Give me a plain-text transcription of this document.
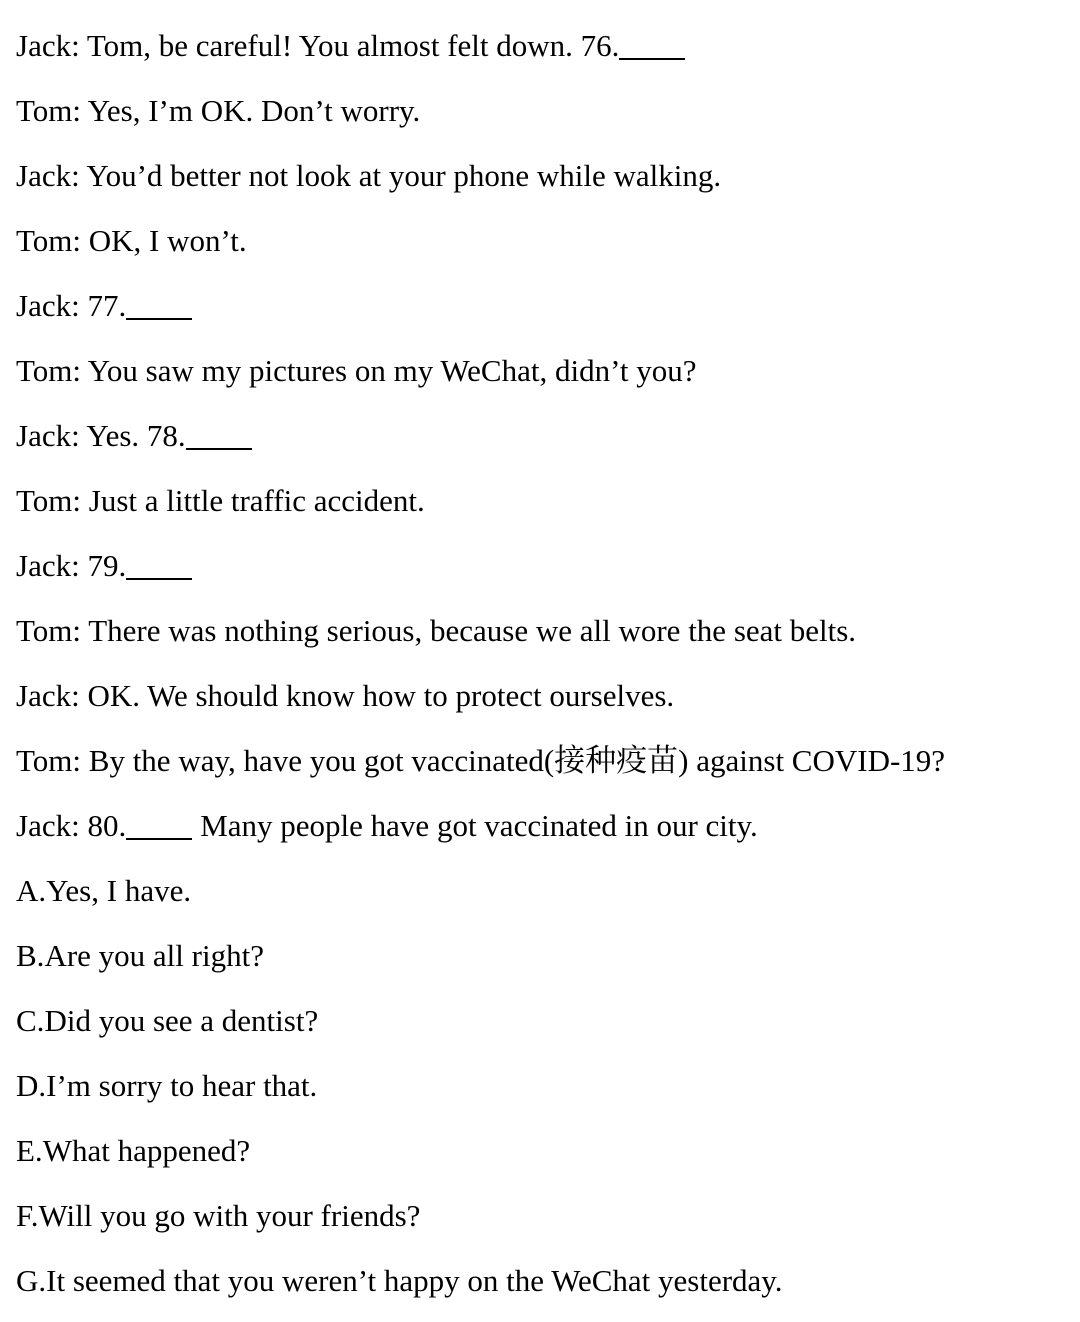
Jack: Tom, be careful! You almost felt down. 76.
Tom: Yes, I’m OK. Don’t worry.
Jack: You’d better not look at your phone while walking.
Tom: OK, I won’t.
Jack: 77.
Tom: You saw my pictures on my WeChat, didn’t you?
Jack: Yes. 78.
Tom: Just a little traffic accident.
Jack: 79.
Tom: There was nothing serious, because we all wore the seat belts.
Jack: OK. We should know how to protect ourselves.
Tom: By the way, have you got vaccinated(接种疫苗) against COVID-19?
Jack: 80. Many people have got vaccinated in our city.
A.Yes, I have.
B.Are you all right?
C.Did you see a dentist?
D.I’m sorry to hear that.
E.What happened?
F.Will you go with your friends?
G.It seemed that you weren’t happy on the WeChat yesterday.
